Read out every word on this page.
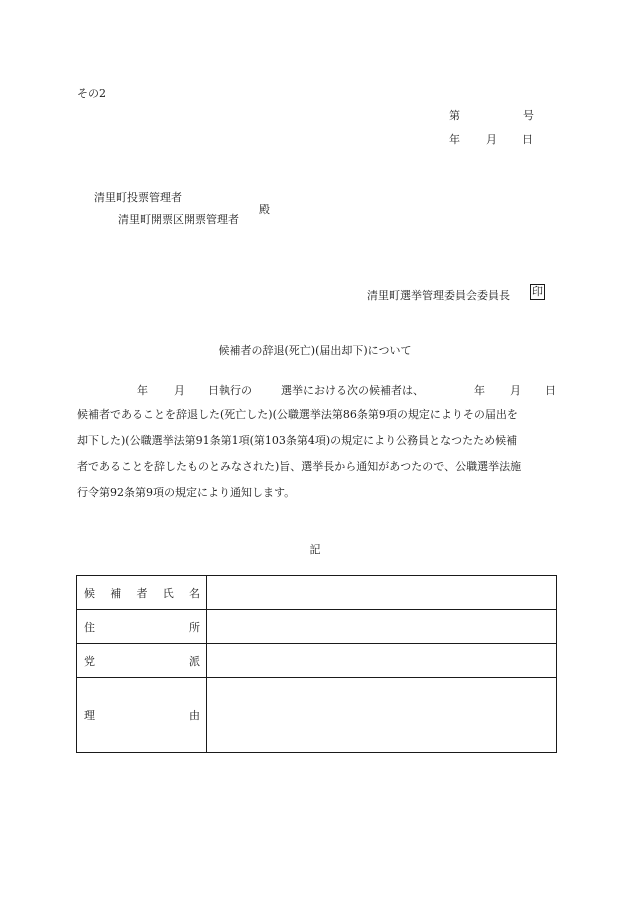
その2
第	号
年 月 日
清里町投票管理者
清里町開票区開票管理者
殿
清里町選挙管理委員会委員長 印
候補者の辞退(死亡)(届出却下)について
年 月 日執行の	選挙における次の候補者は、	年 月 日
候補者であることを辞退した(死亡した)(公職選挙法第86条第9項の規定によりその届出を
却下した)(公職選挙法第91条第1項(第103条第4項)の規定により公務員となつたため候補
者であることを辞したものとみなされた)旨、選挙長から通知があつたので、公職選挙法施
行令第92条第9項の規定により通知します。
記
候 補 者 氏 名	

住 所	

党 派	

理 由	
